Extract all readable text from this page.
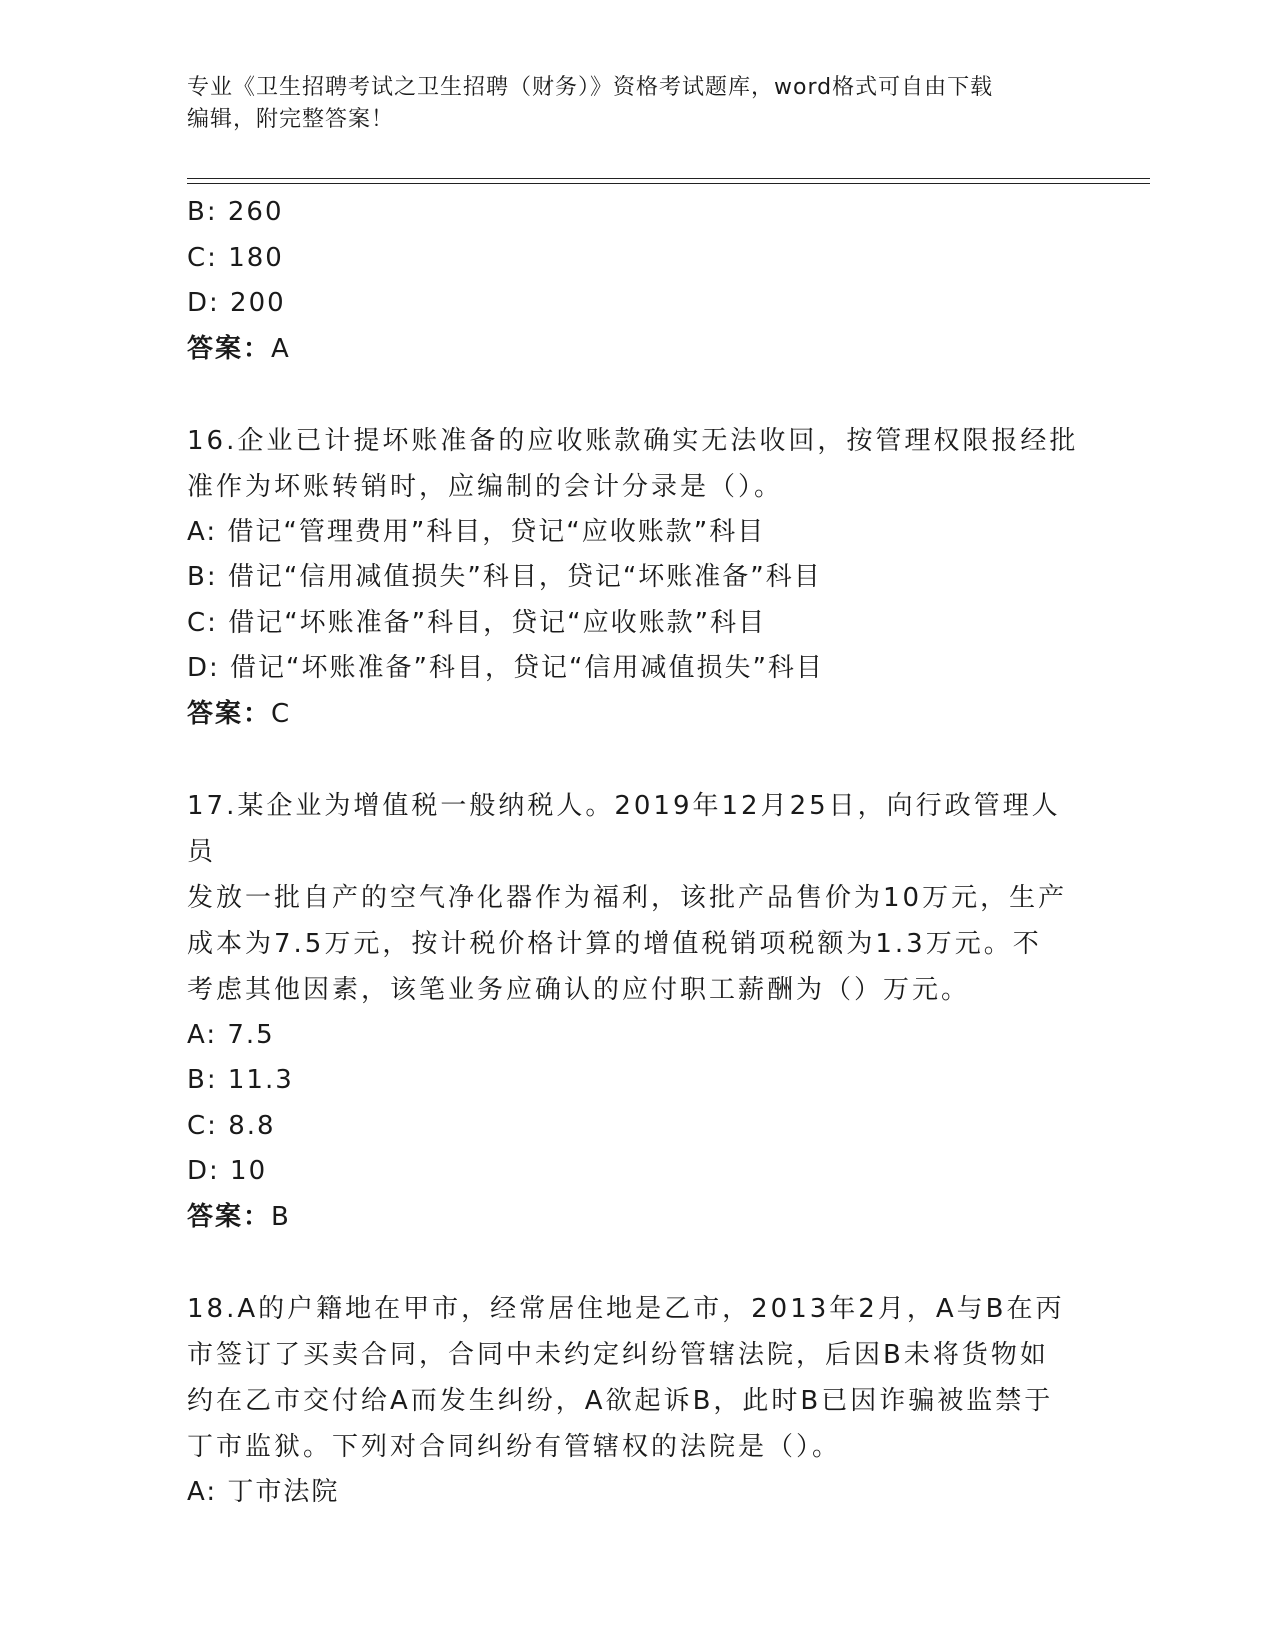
专业《卫生招聘考试之卫生招聘（财务）》资格考试题库，word格式可自由下载
编辑，附完整答案！
B: 260
C: 180
D: 200
答案：A
16.企业已计提坏账准备的应收账款确实无法收回，按管理权限报经批
准作为坏账转销时，应编制的会计分录是（）。
A: 借记“管理费用”科目，贷记“应收账款”科目
B: 借记“信用减值损失”科目，贷记“坏账准备”科目
C: 借记“坏账准备”科目，贷记“应收账款”科目
D: 借记“坏账准备”科目，贷记“信用减值损失”科目
答案：C
17.某企业为增值税一般纳税人。2019年12月25日，向行政管理人员
发放一批自产的空气净化器作为福利，该批产品售价为10万元，生产
成本为7.5万元，按计税价格计算的增值税销项税额为1.3万元。不
考虑其他因素，该笔业务应确认的应付职工薪酬为（）万元。
A: 7.5
B: 11.3
C: 8.8
D: 10
答案：B
18.A的户籍地在甲市，经常居住地是乙市，2013年2月，A与B在丙
市签订了买卖合同，合同中未约定纠纷管辖法院，后因B未将货物如
约在乙市交付给A而发生纠纷，A欲起诉B，此时B已因诈骗被监禁于
丁市监狱。下列对合同纠纷有管辖权的法院是（）。
A: 丁市法院
